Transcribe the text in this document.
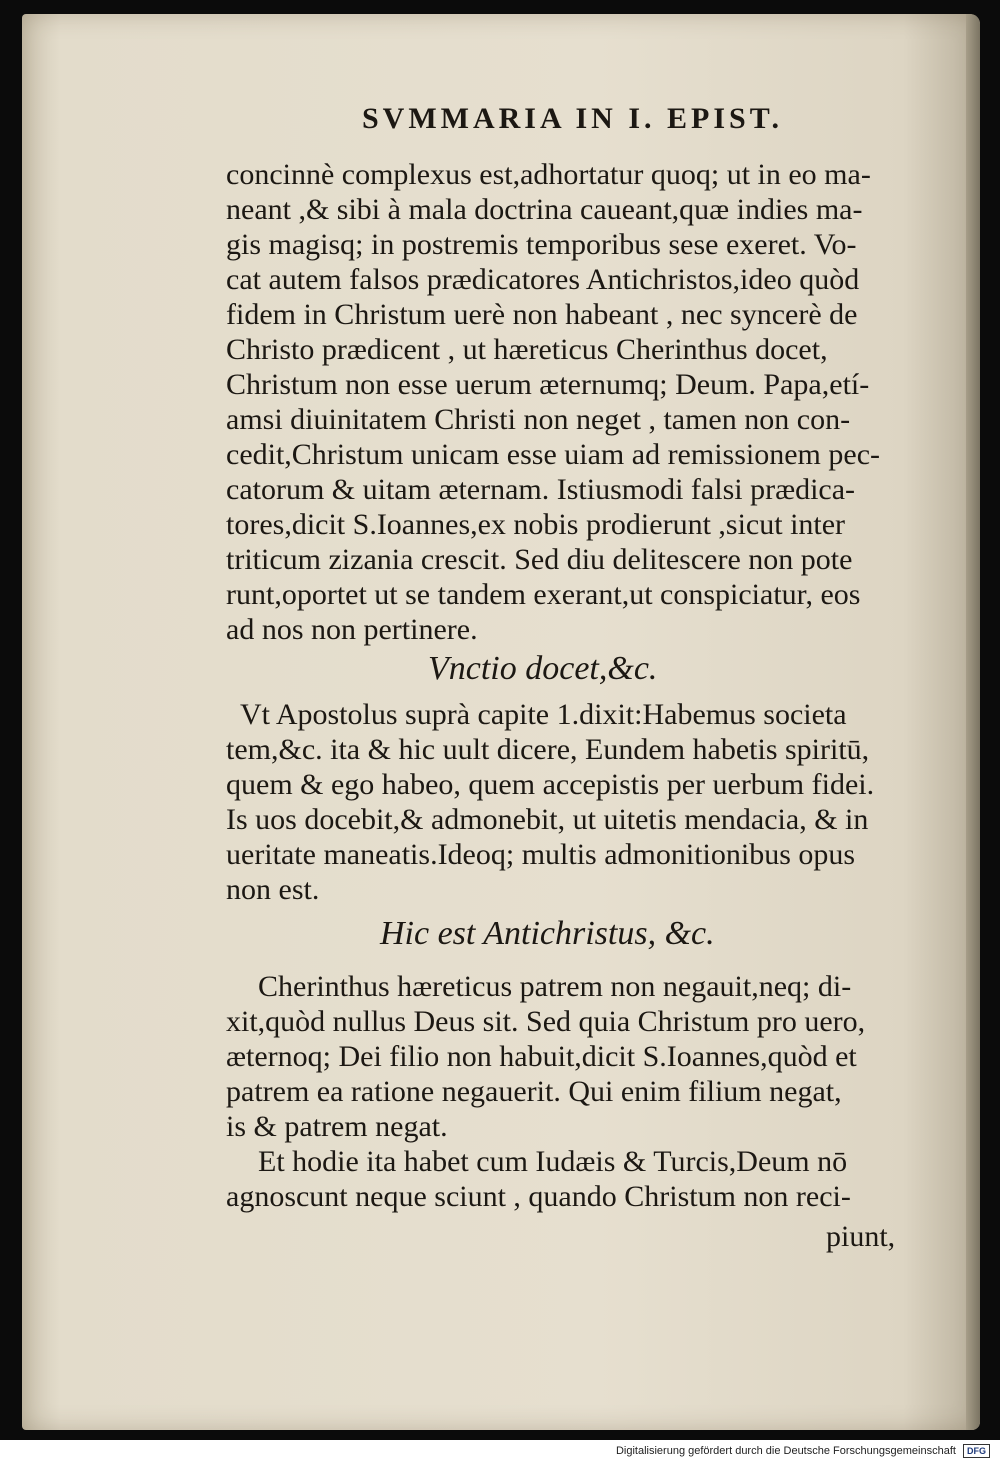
SVMMARIA IN I. EPIST.
concinnè complexus est,adhortatur quoq; ut in eo ma-
neant ,& sibi à mala doctrina caueant,quæ indies ma-
gis magisq; in postremis temporibus sese exeret. Vo-
cat autem falsos prædicatores Antichristos,ideo quòd
fidem in Christum uerè non habeant , nec syncerè de
Christo prædicent , ut hæreticus Cherinthus docet,
Christum non esse uerum æternumq; Deum. Papa,etí-
amsi diuinitatem Christi non neget , tamen non con-
cedit,Christum unicam esse uiam ad remissionem pec-
catorum & uitam æternam. Istiusmodi falsi prædica-
tores,dicit S.Ioannes,ex nobis prodierunt ,sicut inter
triticum zizania crescit. Sed diu delitescere non pote
runt,oportet ut se tandem exerant,ut conspiciatur, eos
ad nos non pertinere.
Vnctio docet,&c.
Vt Apostolus suprà capite 1.dixit:Habemus societa
tem,&c. ita & hic uult dicere, Eundem habetis spiritū,
quem & ego habeo, quem accepistis per uerbum fidei.
Is uos docebit,& admonebit, ut uitetis mendacia, & in
ueritate maneatis.Ideoq; multis admonitionibus opus
non est.
Hic est Antichristus, &c.
Cherinthus hæreticus patrem non negauit,neq; di-
xit,quòd nullus Deus sit. Sed quia Christum pro uero,
æternoq; Dei filio non habuit,dicit S.Ioannes,quòd et
patrem ea ratione negauerit. Qui enim filium negat,
is & patrem negat.
Et hodie ita habet cum Iudæis & Turcis,Deum nō
agnoscunt neque sciunt , quando Christum non reci-
piunt,
Digitalisierung gefördert durch die Deutsche Forschungsgemeinschaft DFG
